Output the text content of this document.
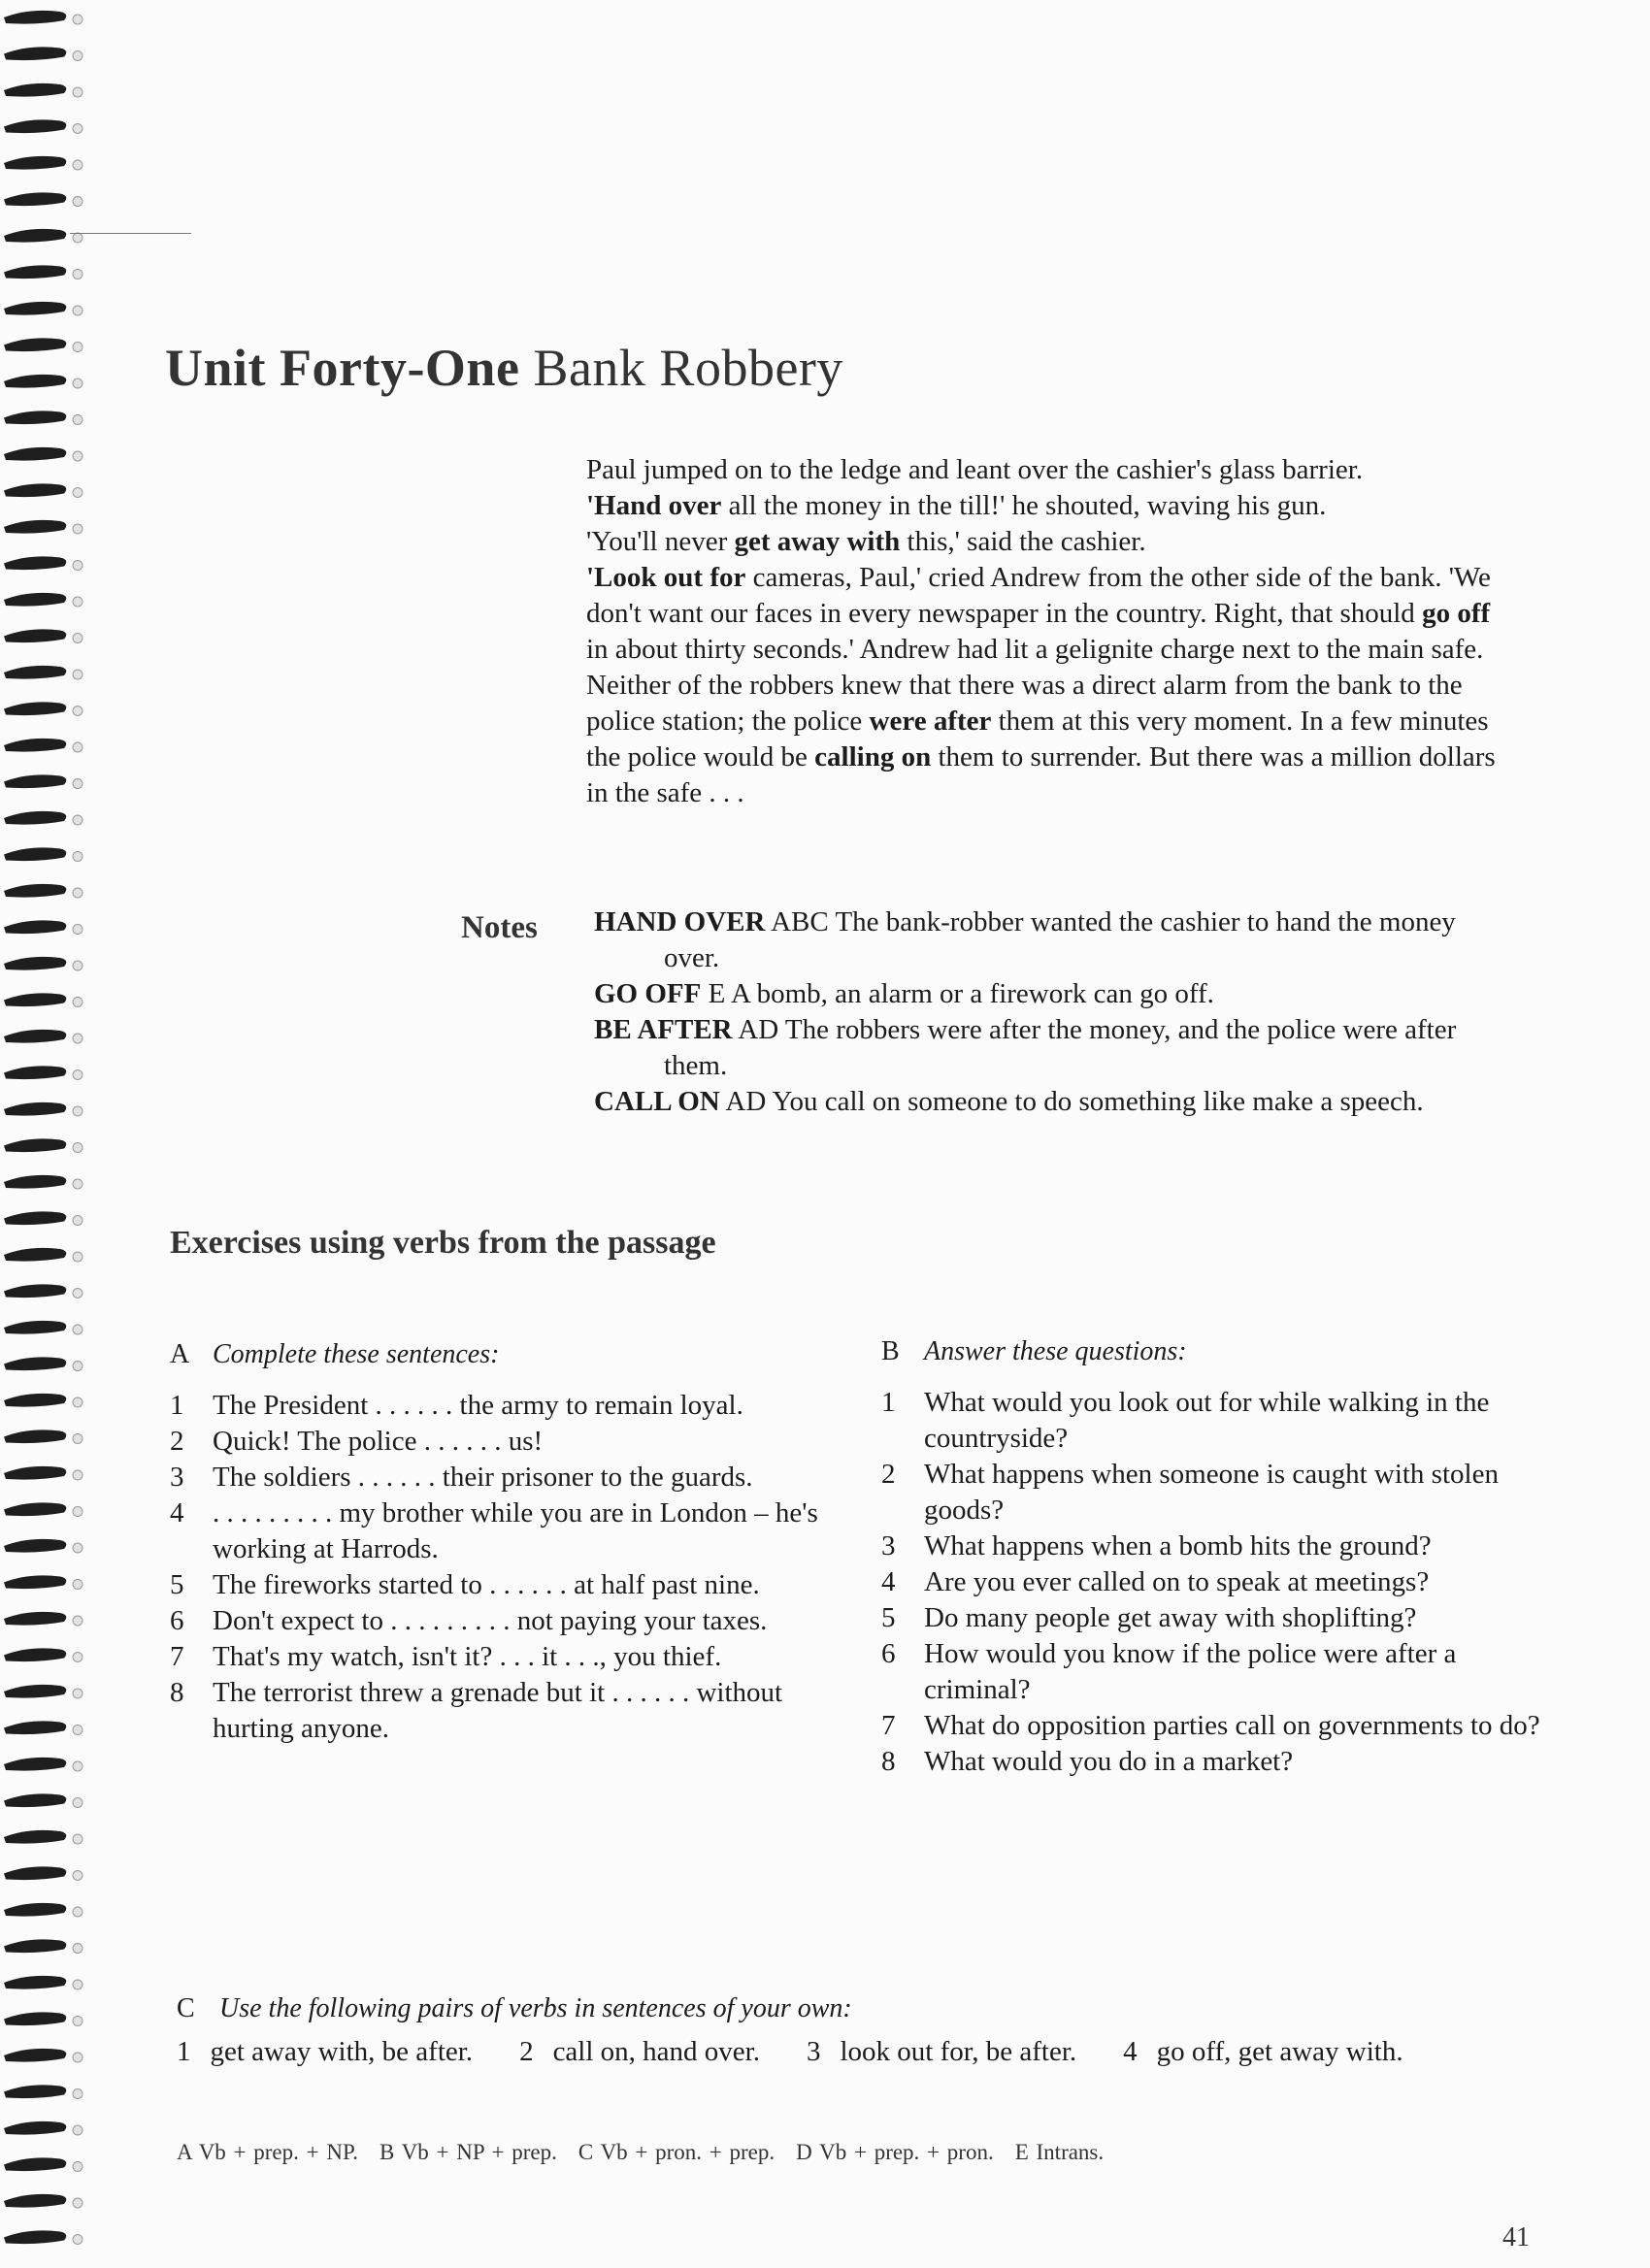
Unit Forty-One Bank Robbery

Paul jumped on to the ledge and leant over the cashier's glass barrier.

'Hand over all the money in the till!' he shouted, waving his gun.

'You'll never get away with this,' said the cashier.

'Look out for cameras, Paul,' cried Andrew from the other side of the bank. 'We don't want our faces in every newspaper in the country. Right, that should go off in about thirty seconds.' Andrew had lit a gelignite charge next to the main safe. Neither of the robbers knew that there was a direct alarm from the bank to the police station; the police were after them at this very moment. In a few minutes the police would be calling on them to surrender. But there was a million dollars in the safe . . .

Notes HAND OVER ABC The bank-robber wanted the cashier to hand the money over.

GO OFF E A bomb, an alarm or a firework can go off.

BE AFTER AD The robbers were after the money, and the police were after them.

CALL ON AD You call on someone to do something like make a speech.

Exercises using verbs from the passage
A Complete these sentences:
1	The President . . . . . . the army to remain loyal.
2	Quick! The police . . . . . . us!
3	The soldiers . . . . . . their prisoner to the guards.
4	. . . . . . . . . my brother while you are in London – he's working at Harrods.
5	The fireworks started to . . . . . . at half past nine.
6	Don't expect to . . . . . . . . . not paying your taxes.
7	That's my watch, isn't it? . . . it . . ., you thief.
8	The terrorist threw a grenade but it . . . . . . without hurting anyone.
B Answer these questions:
1	What would you look out for while walking in the countryside?
2	What happens when someone is caught with stolen goods?
3	What happens when a bomb hits the ground?
4	Are you ever called on to speak at meetings?
5	Do many people get away with shoplifting?
6	How would you know if the police were after a criminal?
7	What do opposition parties call on governments to do?
8	What would you do in a market?
C Use the following pairs of verbs in sentences of your own:
1 get away with, be after. 2 call on, hand over. 3 look out for, be after. 4 go off, get away with.
A Vb + prep. + NP. B Vb + NP + prep. C Vb + pron. + prep. D Vb + prep. + pron. E Intrans.
41
